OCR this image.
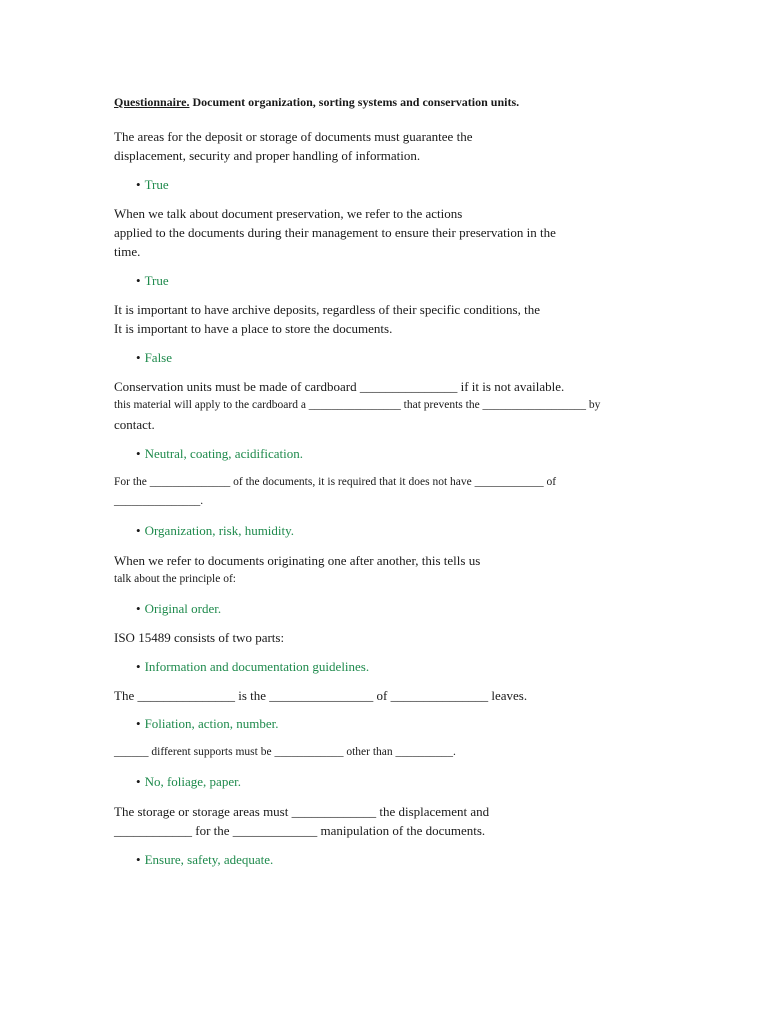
Questionnaire. Document organization, sorting systems and conservation units.
The areas for the deposit or storage of documents must guarantee the
displacement, security and proper handling of information.
• True
When we talk about document preservation, we refer to the actions
applied to the documents during their management to ensure their preservation in the
time.
• True
It is important to have archive deposits, regardless of their specific conditions, the
It is important to have a place to store the documents.
• False
Conservation units must be made of cardboard _______________ if it is not available.
this material will apply to the cardboard a ________________ that prevents the __________________ by
contact.
• Neutral, coating, acidification.
For the ______________ of the documents, it is required that it does not have ____________ of
_______________.
• Organization, risk, humidity.
When we refer to documents originating one after another, this tells us
talk about the principle of:
• Original order.
ISO 15489 consists of two parts:
• Information and documentation guidelines.
The _______________ is the ________________ of _______________ leaves.
• Foliation, action, number.
______ different supports must be ____________ other than __________.
• No, foliage, paper.
The storage or storage areas must _____________ the displacement and
____________ for the _____________ manipulation of the documents.
• Ensure, safety, adequate.
